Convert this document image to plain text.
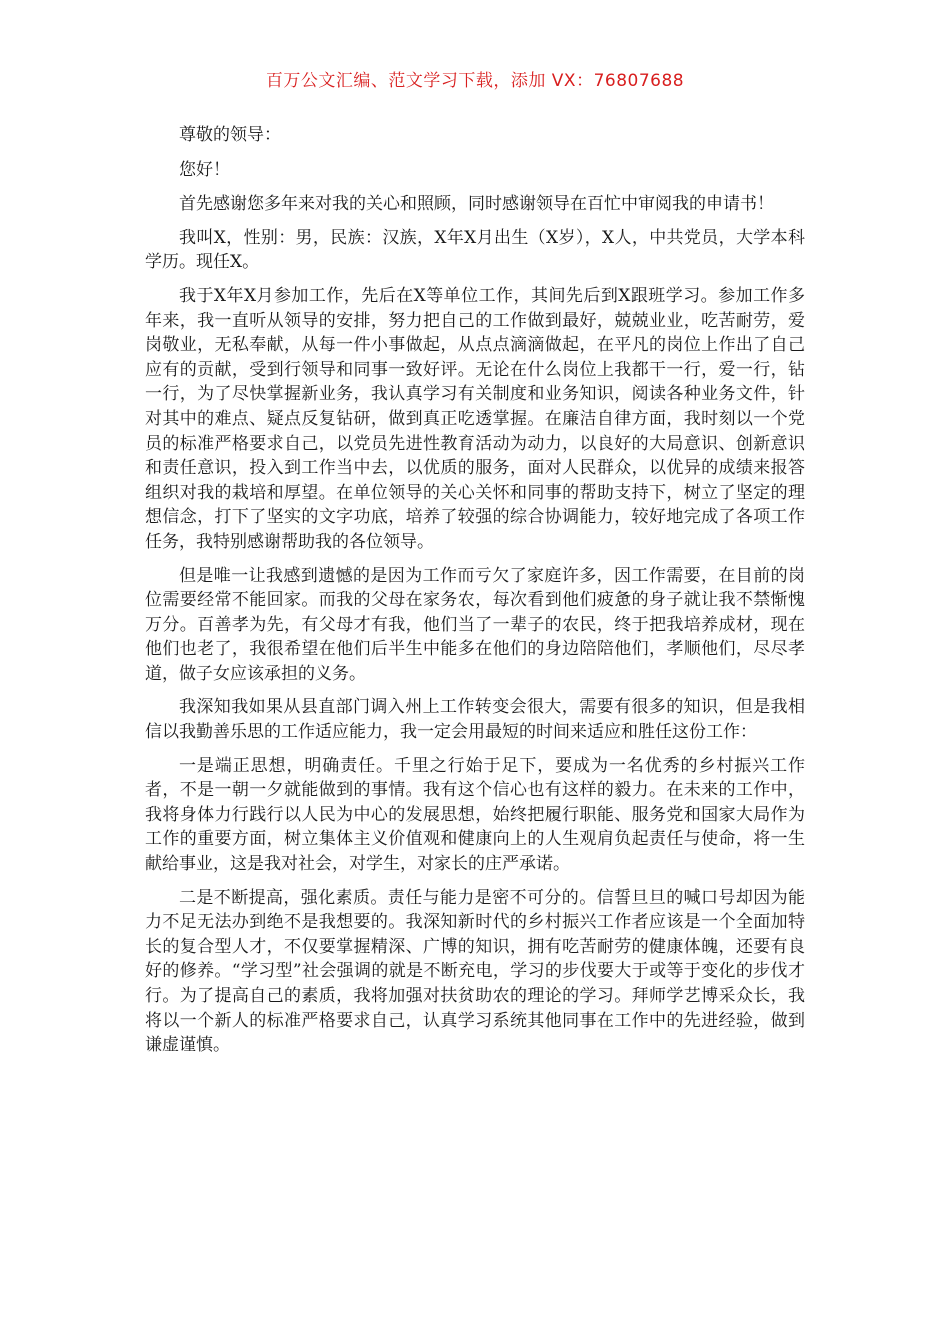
百万公文汇编、范文学习下载，添加 VX：76807688

尊敬的领导：

您好！

首先感谢您多年来对我的关心和照顾，同时感谢领导在百忙中审阅我的申请书！

我叫X，性别：男，民族：汉族，X年X月出生（X岁），X人，中共党员，大学本科学历。现任X。

我于X年X月参加工作，先后在X等单位工作，其间先后到X跟班学习。参加工作多年来，我一直听从领导的安排，努力把自己的工作做到最好，兢兢业业，吃苦耐劳，爱岗敬业，无私奉献，从每一件小事做起，从点点滴滴做起，在平凡的岗位上作出了自己应有的贡献，受到行领导和同事一致好评。无论在什么岗位上我都干一行，爱一行，钻一行，为了尽快掌握新业务，我认真学习有关制度和业务知识，阅读各种业务文件，针对其中的难点、疑点反复钻研，做到真正吃透掌握。在廉洁自律方面，我时刻以一个党员的标准严格要求自己，以党员先进性教育活动为动力，以良好的大局意识、创新意识和责任意识，投入到工作当中去，以优质的服务，面对人民群众，以优异的成绩来报答组织对我的栽培和厚望。在单位领导的关心关怀和同事的帮助支持下，树立了坚定的理想信念，打下了坚实的文字功底，培养了较强的综合协调能力，较好地完成了各项工作任务，我特别感谢帮助我的各位领导。

但是唯一让我感到遗憾的是因为工作而亏欠了家庭许多，因工作需要，在目前的岗位需要经常不能回家。而我的父母在家务农，每次看到他们疲惫的身子就让我不禁惭愧万分。百善孝为先，有父母才有我，他们当了一辈子的农民，终于把我培养成材，现在他们也老了，我很希望在他们后半生中能多在他们的身边陪陪他们，孝顺他们，尽尽孝道，做子女应该承担的义务。

我深知我如果从县直部门调入州上工作转变会很大，需要有很多的知识，但是我相信以我勤善乐思的工作适应能力，我一定会用最短的时间来适应和胜任这份工作：

一是端正思想，明确责任。千里之行始于足下，要成为一名优秀的乡村振兴工作者，不是一朝一夕就能做到的事情。我有这个信心也有这样的毅力。在未来的工作中，我将身体力行践行以人民为中心的发展思想，始终把履行职能、服务党和国家大局作为工作的重要方面，树立集体主义价值观和健康向上的人生观肩负起责任与使命，将一生献给事业，这是我对社会，对学生，对家长的庄严承诺。

二是不断提高，强化素质。责任与能力是密不可分的。信誓旦旦的喊口号却因为能力不足无法办到绝不是我想要的。我深知新时代的乡村振兴工作者应该是一个全面加特长的复合型人才，不仅要掌握精深、广博的知识，拥有吃苦耐劳的健康体魄，还要有良好的修养。“学习型”社会强调的就是不断充电，学习的步伐要大于或等于变化的步伐才行。为了提高自己的素质，我将加强对扶贫助农的理论的学习。拜师学艺博采众长，我将以一个新人的标准严格要求自己，认真学习系统其他同事在工作中的先进经验，做到谦虚谨慎。
